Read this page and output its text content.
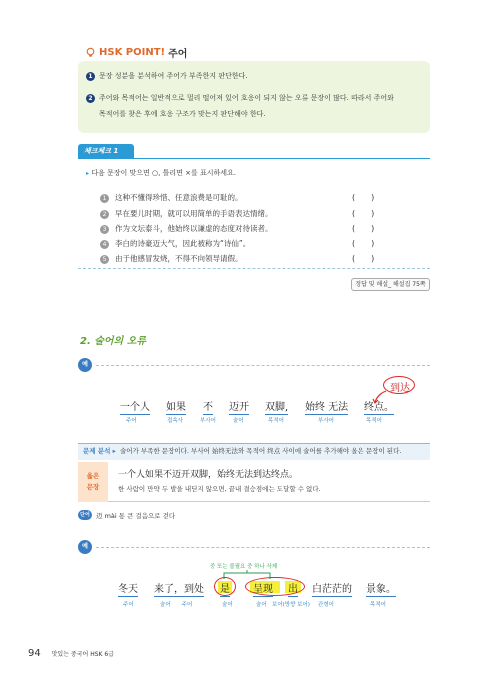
HSK POINT! 주어
1 문장 성분을 분석하여 주어가 부족한지 판단한다.
2 주어와 목적어는 일반적으로 멀리 떨어져 있어 호응이 되지 않는 오류 문장이 많다. 따라서 주어와
목적어를 찾은 후에 호응 구조가 맞는지 판단해야 한다.
체크체크 1
▸ 다음 문장이 맞으면 ○, 틀리면 ×를 표시하세요.
1 这种不懂得珍惜、任意浪费是可耻的。	(　　)
2 早在要儿时期，就可以用简单的手语表达情绪。	(　　)
3 作为文坛泰斗，他始终以谦虚的态度对待读者。	(　　)
4 李白的诗豪迈大气，因此被称为“诗仙”。	(　　)
5 由于他感冒发烧，不得不向领导请假。	(　　)
정답 및 해설_ 해설집 75쪽
2. 술어의 오류
예
到达
一个人 如果 不 迈开 双脚, 始终 无法 终点。
주어	접속사	부사어	술어	목적어	부사어	목적어
문제 분석 ▸ 술어가 부족한 문장이다. 부사어 始终无法와 목적어 终点 사이에 술어를 추가해야 올은 문장이 된다.
옳은
문장
一个人如果不迈开双脚，始终无法到达终点。
한 사람이 만약 두 발을 내딛지 않으면, 끝내 결승점에는 도달할 수 없다.
단어 迈 mài 통 큰 걸음으로 걷다
예
중 또는 불필요 중 하나 삭제
冬天 来了，到处 是 呈现 出 白茫茫的 景象。
주어	술어　　주어	술어	술어 보어(방향 보어) 관형어	목적어
94 맛있는 중국어 HSK 6급
